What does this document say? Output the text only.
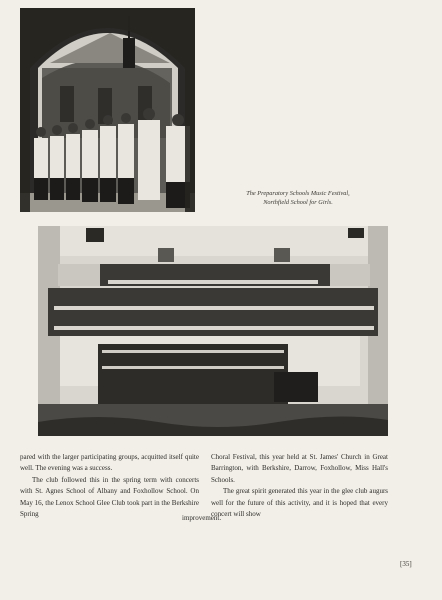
The Preparatory Schools Music Festival,
Northfield School for Girls.

pared with the larger participating groups, acquitted itself quite well. The evening was a success.

The club followed this in the spring term with concerts with St. Agnes School of Albany and Foxhollow School. On May 16, the Lenox School Glee Club took part in the Berkshire Spring

Choral Festival, this year held at St. James' Church in Great Barrington, with Berkshire, Darrow, Foxhollow, Miss Hall's Schools.

The great spirit generated this year in the glee club augurs well for the future of this activity, and it is hoped that every concert will show

improvement.
[35]
